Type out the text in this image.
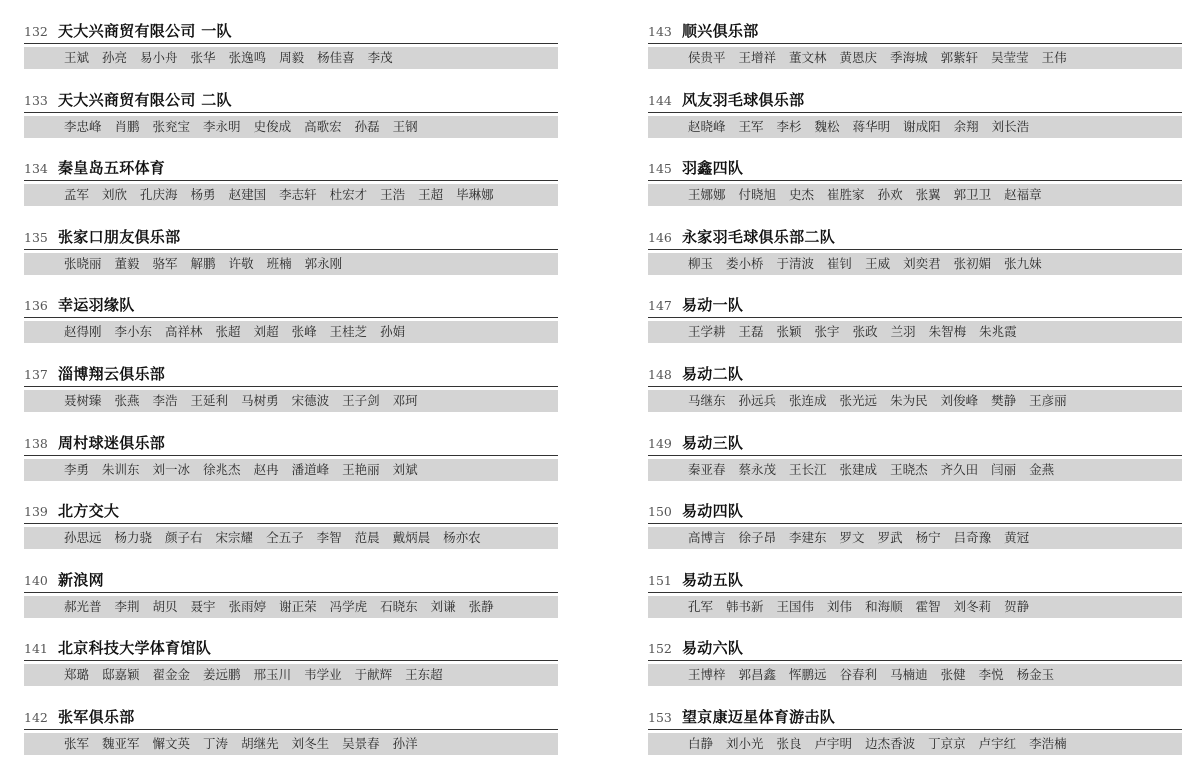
132 天大兴商贸有限公司 一队
王斌 孙亮 易小舟 张华 张逸鸣 周毅 杨佳喜 李茂
133 天大兴商贸有限公司 二队
李忠峰 肖鹏 张兖宝 李永明 史俊成 高歌宏 孙磊 王钢
134 秦皇岛五环体育
孟军 刘欣 孔庆海 杨勇 赵建国 李志轩 杜宏才 王浩 王超 毕琳娜
135 张家口朋友俱乐部
张晓丽 董毅 骆军 解鹏 许敬 班楠 郭永刚
136 幸运羽缘队
赵得刚 李小东 高祥林 张超 刘超 张峰 王桂芝 孙娟
137 淄博翔云俱乐部
聂树臻 张燕 李浩 王延利 马树勇 宋德波 王子剑 邓珂
138 周村球迷俱乐部
李勇 朱训东 刘一冰 徐兆杰 赵冉 潘道峰 王艳丽 刘斌
139 北方交大
孙思远 杨力骁 颜子右 宋宗耀 仝五子 李智 范晨 戴炳晨 杨亦农
140 新浪网
郝光普 李荆 胡贝 聂宇 张雨婷 谢正荣 冯学虎 石晓东 刘谦 张静
141 北京科技大学体育馆队
郑璐 邸嘉颖 翟金金 姜远鹏 邢玉川 韦学业 于献辉 王东超
142 张军俱乐部
张军 魏亚军 懈文英 丁涛 胡继先 刘冬生 吴景春 孙洋
143 顺兴俱乐部
侯贵平 王增祥 董文林 黄恩庆 季海城 郭紫轩 吴莹莹 王伟
144 风友羽毛球俱乐部
赵晓峰 王军 李杉 魏松 蒋华明 谢成阳 余翔 刘长浩
145 羽鑫四队
王娜娜 付晓旭 史杰 崔胜家 孙欢 张翼 郭卫卫 赵福章
146 永家羽毛球俱乐部二队
柳玉 娄小桥 于清波 崔钊 王威 刘奕君 张初媚 张九妹
147 易动一队
王学耕 王磊 张颖 张宇 张政 兰羽 朱智梅 朱兆霞
148 易动二队
马继东 孙远兵 张连成 张光远 朱为民 刘俊峰 樊静 王彦丽
149 易动三队
秦亚春 蔡永茂 王长江 张建成 王晓杰 齐久田 闫丽 金燕
150 易动四队
高博言 徐子昂 李建东 罗文 罗武 杨宁 吕奇豫 黄冠
151 易动五队
孔军 韩书新 王国伟 刘伟 和海顺 霍智 刘冬莉 贺静
152 易动六队
王博梓 郭昌鑫 恽鹏远 谷春利 马楠迪 张健 李悦 杨金玉
153 望京康迈星体育游击队
白静 刘小光 张良 卢宇明 边杰香波 丁京京 卢宇红 李浩楠
